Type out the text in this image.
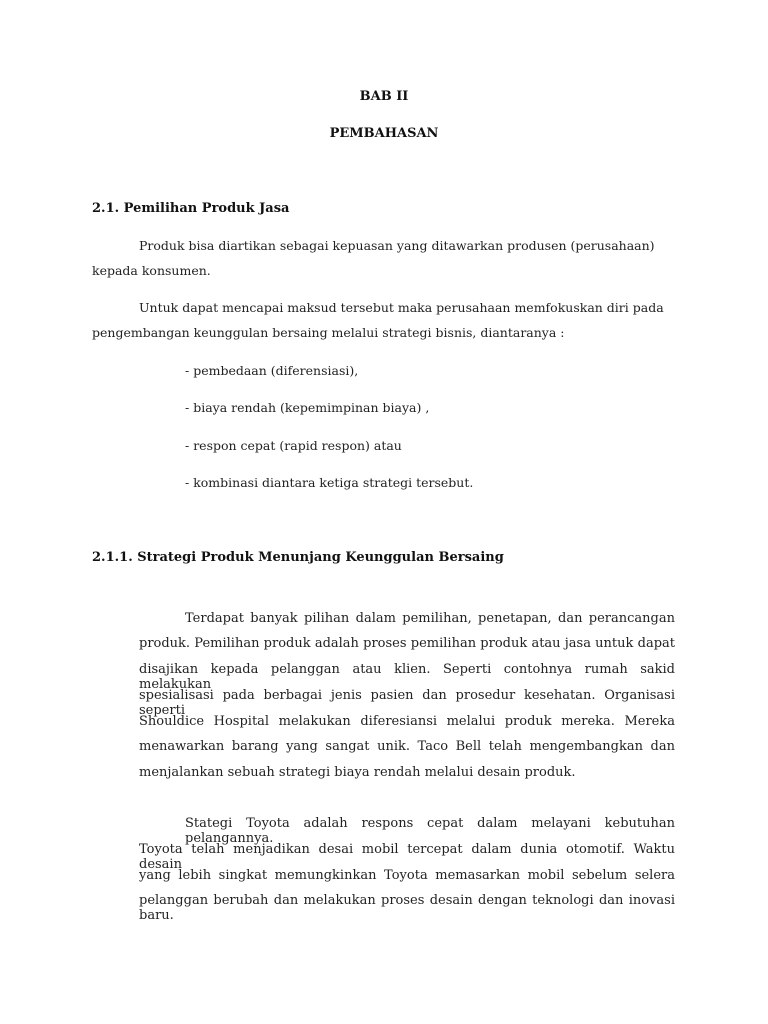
BAB II
PEMBAHASAN
2.1. Pemilihan Produk Jasa
Produk bisa diartikan sebagai kepuasan yang ditawarkan produsen (perusahaan)
kepada konsumen.
Untuk dapat mencapai maksud tersebut maka perusahaan memfokuskan diri pada
pengembangan keunggulan bersaing melalui strategi bisnis, diantaranya :
- pembedaan (diferensiasi),
- biaya rendah (kepemimpinan biaya) ,
- respon cepat (rapid respon) atau
- kombinasi diantara ketiga strategi tersebut.
2.1.1. Strategi Produk Menunjang Keunggulan Bersaing
Terdapat banyak pilihan dalam pemilihan, penetapan, dan perancangan
produk. Pemilihan produk adalah proses pemilihan produk atau jasa untuk dapat
disajikan kepada pelanggan atau klien. Seperti contohnya rumah sakid melakukan
spesialisasi pada berbagai jenis pasien dan prosedur kesehatan. Organisasi seperti
Shouldice Hospital melakukan diferesiansi melalui produk mereka. Mereka
menawarkan barang yang sangat unik. Taco Bell telah mengembangkan dan
menjalankan sebuah strategi biaya rendah melalui desain produk.
Stategi Toyota adalah respons cepat dalam melayani kebutuhan pelangannya.
Toyota telah menjadikan desai mobil tercepat dalam dunia otomotif. Waktu desain
yang lebih singkat memungkinkan Toyota memasarkan mobil sebelum selera
pelanggan berubah dan melakukan proses desain dengan teknologi dan inovasi baru.
